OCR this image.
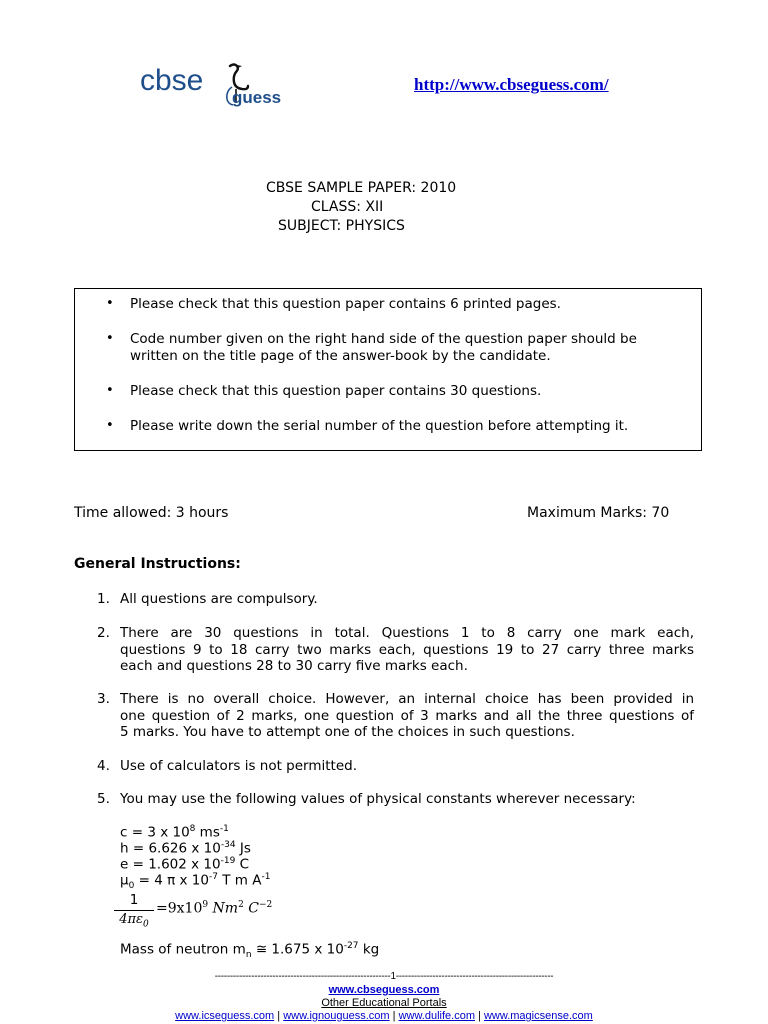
cbse
guess
http://www.cbseguess.com/
CBSE SAMPLE PAPER: 2010
CLASS: XII
SUBJECT: PHYSICS
• Please check that this question paper contains 6 printed pages.
• Code number given on the right hand side of the question paper should be
written on the title page of the answer-book by the candidate.
• Please check that this question paper contains 30 questions.
• Please write down the serial number of the question before attempting it.
Time allowed: 3 hours	Maximum Marks: 70
General Instructions:
1. All questions are compulsory.
2. There are 30 questions in total. Questions 1 to 8 carry one mark each,
questions 9 to 18 carry two marks each, questions 19 to 27 carry three marks
each and questions 28 to 30 carry five marks each.
3. There is no overall choice. However, an internal choice has been provided in
one question of 2 marks, one question of 3 marks and all the three questions of
5 marks. You have to attempt one of the choices in such questions.
4. Use of calculators is not permitted.
5. You may use the following values of physical constants wherever necessary:
c = 3 x $10^8$ $ms^{-1}$
h = 6.626 x $10^{-34}$ Js
e = 1.602 x $10^{-19}$ C
$\mu_0 = 4$ π x $10^{-7}$ T m $A^{-1}$
1
$4\pi\varepsilon_0$
$=9x10^9$ Nm$^2$ $C^{-2}$
Mass of neutron $m_n$ ≅ 1.675 x $10^{-27}$ kg
----------------------------------------------------------1----------------------------------------------------
www.cbseguess.com
Other Educational Portals
www.icseguess.com | www.ignouguess.com | www.dulife.com | www.magicsense.com
